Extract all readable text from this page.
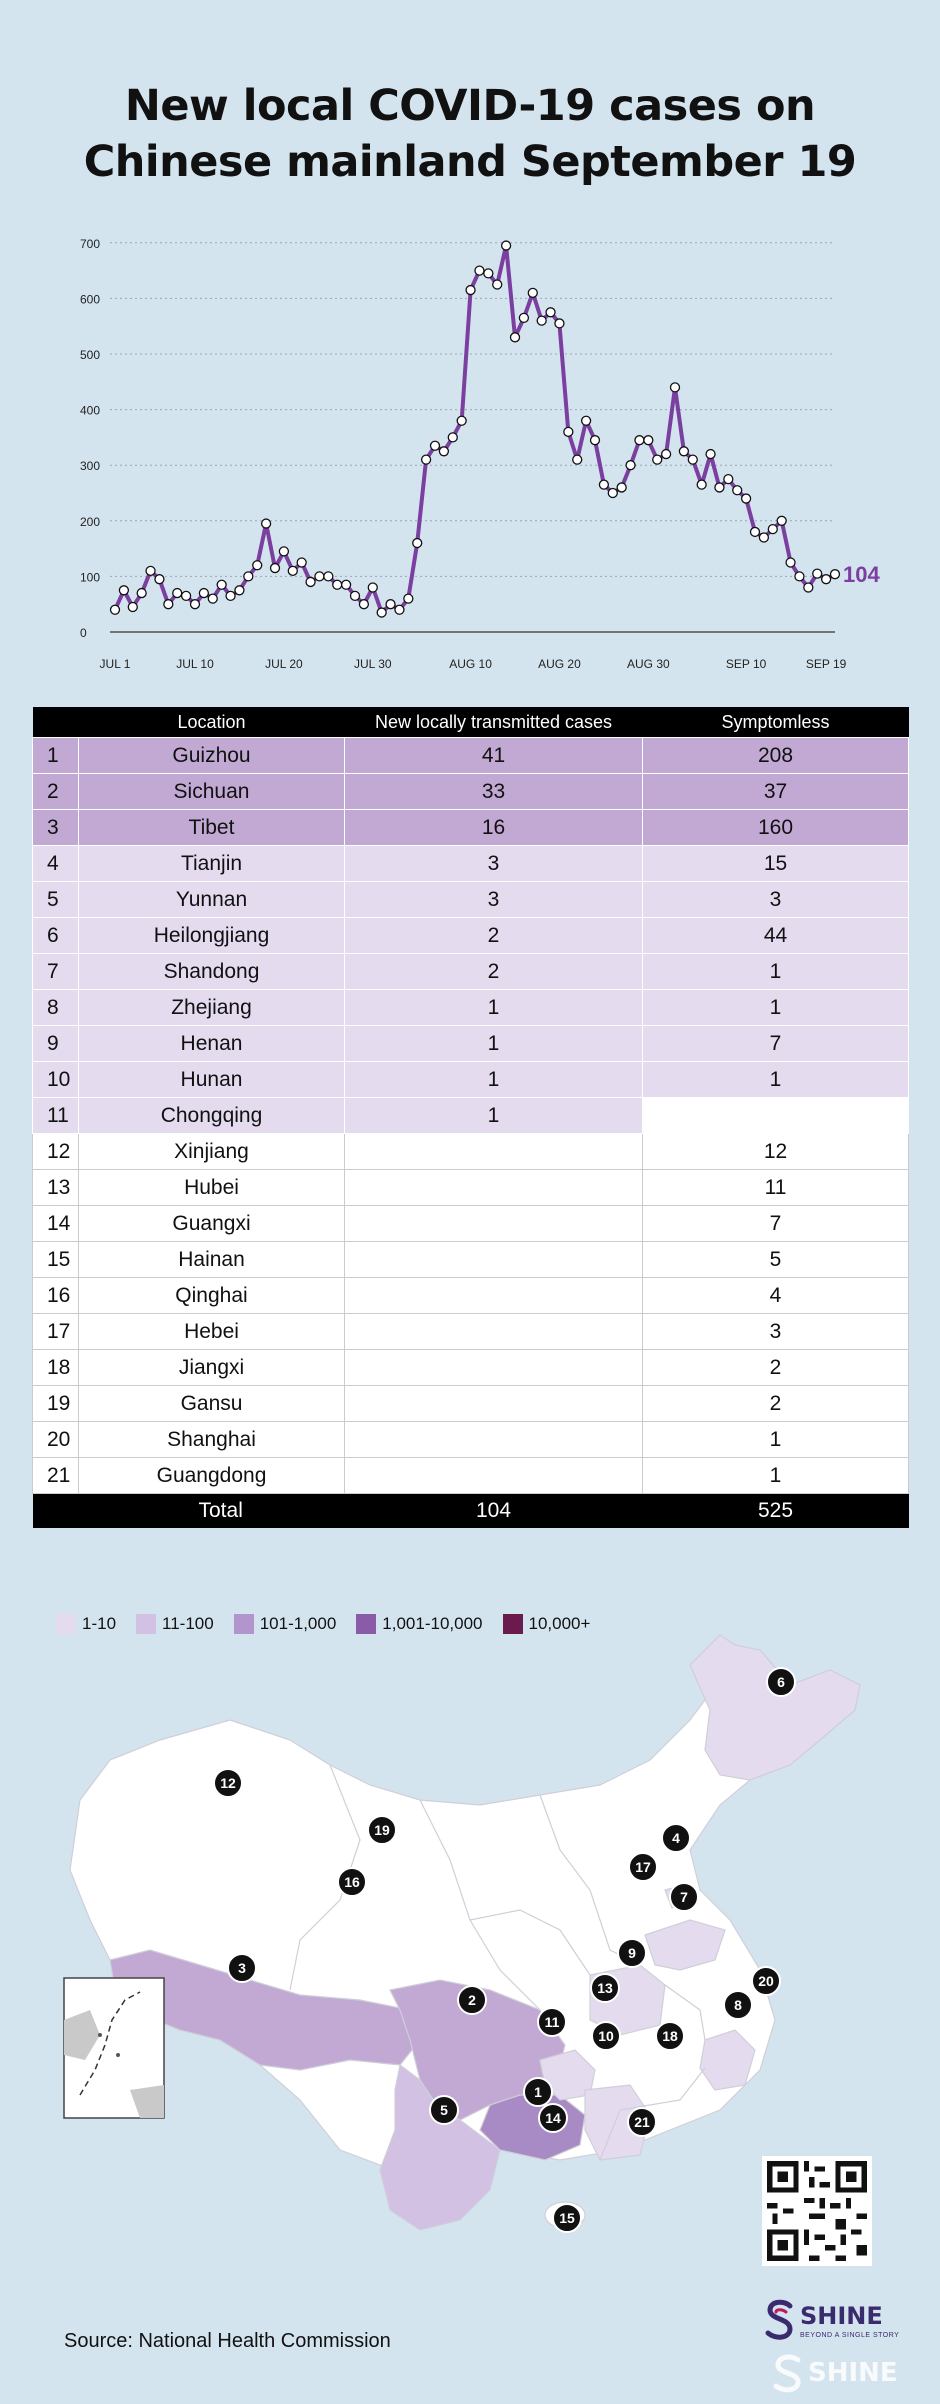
New local COVID-19 cases on
Chinese mainland September 19
0
100
200
300
400
500
600
700
JUL 1	JUL 10	JUL 20	JUL 30	AUG 10	AUG 20	AUG 30	SEP 10	SEP 19
104
	Location	New locally transmitted cases	Symptomless
1	Guizhou	41	208
2	Sichuan	33	37
3	Tibet	16	160
4	Tianjin	3	15
5	Yunnan	3	3
6	Heilongjiang	2	44
7	Shandong	2	1
8	Zhejiang	1	1
9	Henan	1	7
10	Hunan	1	1
11	Chongqing	1	
12	Xinjiang		12
13	Hubei		11
14	Guangxi		7
15	Hainan		5
16	Qinghai		4
17	Hebei		3
18	Jiangxi		2
19	Gansu		2
20	Shanghai		1
21	Guangdong		1
	Total	104	525
12
19
16
3
2
11
1
5	14
10
13
9
18
21
15
6
4
17
7
8
20
1-10	11-100	101-1,000	1,001-10,000	10,000+
Source: National Health Commission
SHINE
BEYOND A SINGLE STORY
SHINE
